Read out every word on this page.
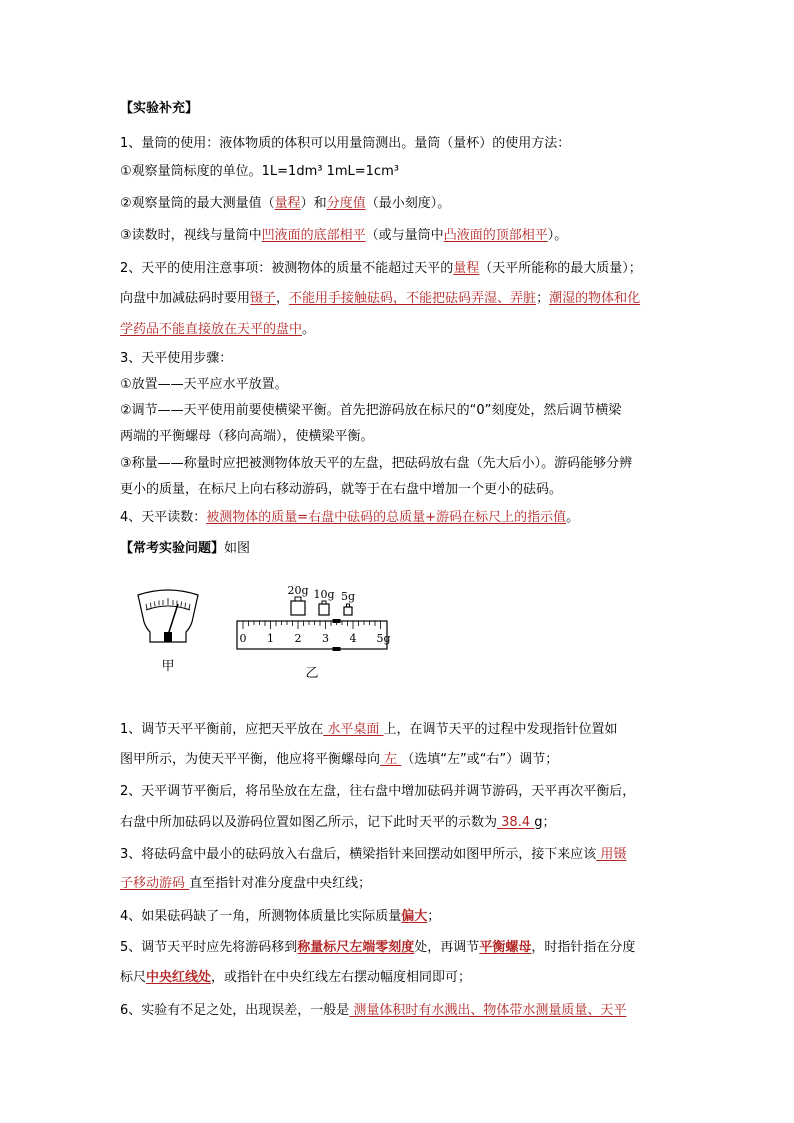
【实验补充】
1、量筒的使用：液体物质的体积可以用量筒测出。量筒（量杯）的使用方法：
①观察量筒标度的单位。1L=1dm³ 1mL=1cm³
②观察量筒的最大测量值（量程）和分度值（最小刻度）。
③读数时，视线与量筒中凹液面的底部相平（或与量筒中凸液面的顶部相平）。
2、天平的使用注意事项：被测物体的质量不能超过天平的量程（天平所能称的最大质量）；
向盘中加减砝码时要用镊子，不能用手接触砝码，不能把砝码弄湿、弄脏；潮湿的物体和化
学药品不能直接放在天平的盘中。
3、天平使用步骤：
①放置——天平应水平放置。
②调节——天平使用前要使横梁平衡。首先把游码放在标尺的“0”刻度处，然后调节横梁
两端的平衡螺母（移向高端），使横梁平衡。
③称量——称量时应把被测物体放天平的左盘，把砝码放右盘（先大后小）。游码能够分辨
更小的质量，在标尺上向右移动游码，就等于在右盘中增加一个更小的砝码。
4、天平读数：被测物体的质量=右盘中砝码的总质量+游码在标尺上的指示值。
【常考实验问题】如图
甲
20g 10g 5g
0 1 2 3 4 5g
乙
1、调节天平平衡前，应把天平放在 水平桌面 上，在调节天平的过程中发现指针位置如
图甲所示，为使天平平衡，他应将平衡螺母向 左 （选填“左”或“右”）调节；
2、天平调节平衡后，将吊坠放在左盘，往右盘中增加砝码并调节游码，天平再次平衡后，
右盘中所加砝码以及游码位置如图乙所示，记下此时天平的示数为 38.4 g；
3、将砝码盒中最小的砝码放入右盘后，横梁指针来回摆动如图甲所示，接下来应该 用镊
子移动游码 直至指针对准分度盘中央红线；
4、如果砝码缺了一角，所测物体质量比实际质量偏大；
5、调节天平时应先将游码移到称量标尺左端零刻度处，再调节平衡螺母，时指针指在分度
标尺中央红线处，或指针在中央红线左右摆动幅度相同即可；
6、实验有不足之处，出现误差，一般是 测量体积时有水溅出、物体带水测量质量、天平
